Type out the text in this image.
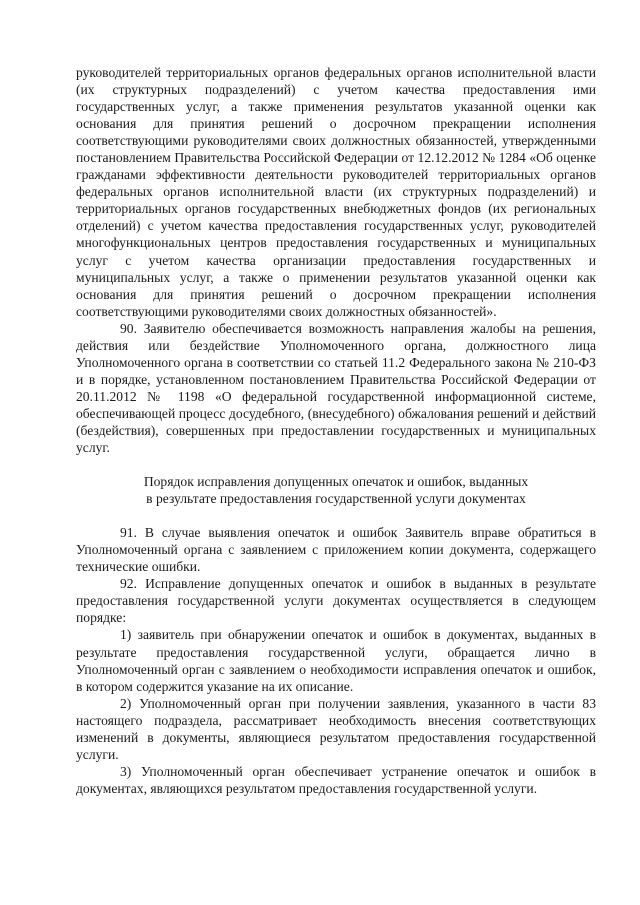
руководителей территориальных органов федеральных органов исполнительной власти (их структурных подразделений) с учетом качества предоставления ими государственных услуг, а также применения результатов указанной оценки как основания для принятия решений о досрочном прекращении исполнения соответствующими руководителями своих должностных обязанностей, утвержденными постановлением Правительства Российской Федерации от 12.12.2012 № 1284 «Об оценке гражданами эффективности деятельности руководителей территориальных органов федеральных органов исполнительной власти (их структурных подразделений) и территориальных органов государственных внебюджетных фондов (их региональных отделений) с учетом качества предоставления государственных услуг, руководителей многофункциональных центров предоставления государственных и муниципальных услуг с учетом качества организации предоставления государственных и муниципальных услуг, а также о применении результатов указанной оценки как основания для принятия решений о досрочном прекращении исполнения соответствующими руководителями своих должностных обязанностей».

90. Заявителю обеспечивается возможность направления жалобы на решения, действия или бездействие Уполномоченного органа, должностного лица Уполномоченного органа в соответствии со статьей 11.2 Федерального закона № 210-ФЗ и в порядке, установленном постановлением Правительства Российской Федерации от 20.11.2012 № 1198 «О федеральной государственной информационной системе, обеспечивающей процесс досудебного, (внесудебного) обжалования решений и действий (бездействия), совершенных при предоставлении государственных и муниципальных услуг.

Порядок исправления допущенных опечаток и ошибок, выданных
в результате предоставления государственной услуги документах

91. В случае выявления опечаток и ошибок Заявитель вправе обратиться в Уполномоченный органа с заявлением с приложением копии документа, содержащего технические ошибки.

92. Исправление допущенных опечаток и ошибок в выданных в результате предоставления государственной услуги документах осуществляется в следующем порядке:

1) заявитель при обнаружении опечаток и ошибок в документах, выданных в результате предоставления государственной услуги, обращается лично в Уполномоченный орган с заявлением о необходимости исправления опечаток и ошибок, в котором содержится указание на их описание.

2) Уполномоченный орган при получении заявления, указанного в части 83 настоящего подраздела, рассматривает необходимость внесения соответствующих изменений в документы, являющиеся результатом предоставления государственной услуги.

3) Уполномоченный орган обеспечивает устранение опечаток и ошибок в документах, являющихся результатом предоставления государственной услуги.
